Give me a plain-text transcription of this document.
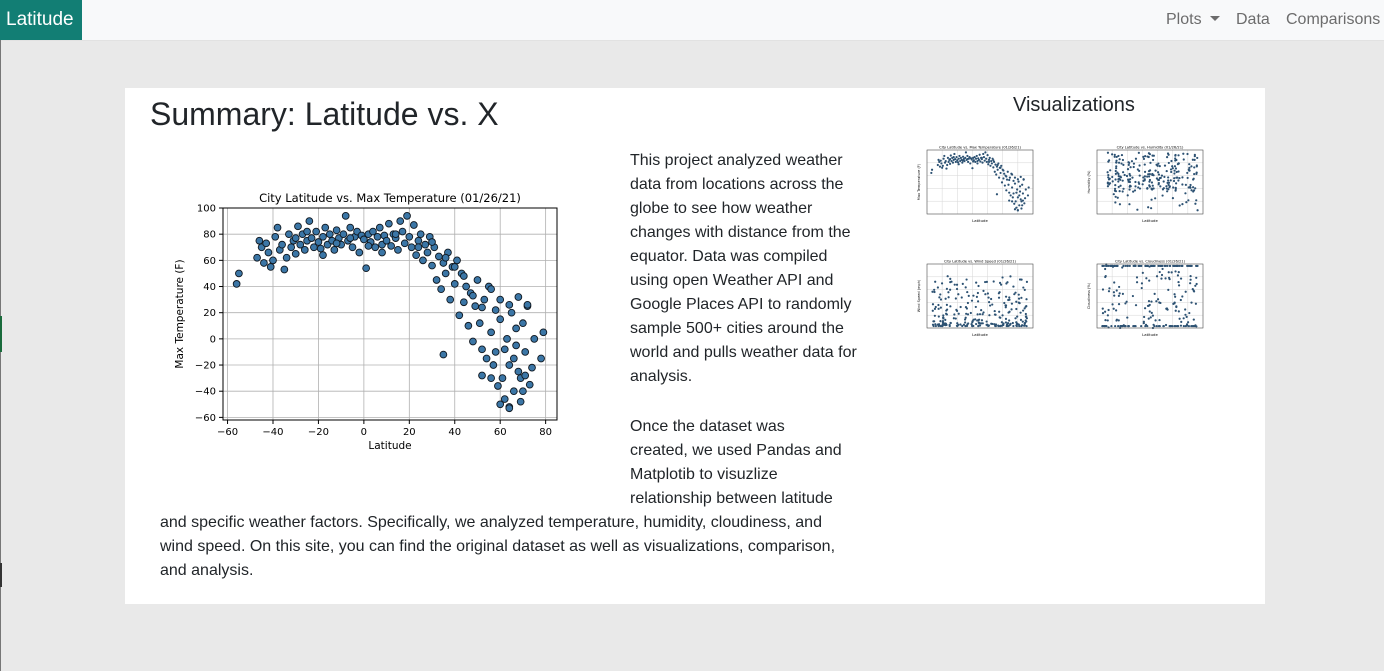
Latitude	Plots	Data Comparisons
Summary: Latitude vs. X
−60 −40 −20	0	20	40	60	80
−60
−40
−20
0
20
40
60
80
100
City Latitude vs. Max Temperature (01/26/21)
Latitude
Max Temperature (F)

This project analyzed weather data from locations across the globe to see how weather changes with distance from the equator. Data was compiled using open Weather API and Google Places API to randomly sample 500+ cities around the world and pulls weather data for analysis.

Once the dataset was
created, we used Pandas and
Matplotib to visuzlize
relationship between latitude
and specific weather factors. Specifically, we analyzed temperature, humidity, cloudiness, and
wind speed. On this site, you can find the original dataset as well as visualizations, comparison,
and analysis.
Visualizations
City Latitude vs. Max Temperature (01/26/21)
Latitude
Max Temperature (F)
City Latitude vs. Humidity (01/26/21)
Latitude
Humidity (%)
City Latitude vs. Wind Speed (01/26/21)
Latitude
Wind Speed (mph)
City Latitude vs. Cloudiness (01/26/21)
Latitude
Cloudiness (%)
